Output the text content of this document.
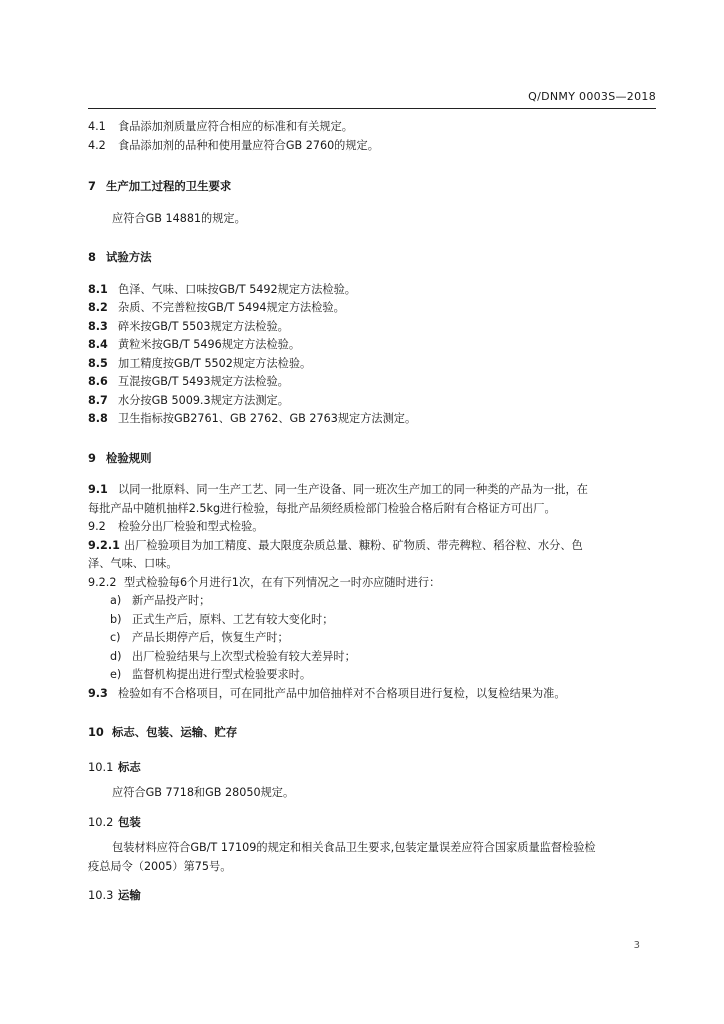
Q/DNMY 0003S—2018
4.1 食品添加剂质量应符合相应的标准和有关规定。
4.2 食品添加剂的品种和使用量应符合GB 2760的规定。
7 生产加工过程的卫生要求
应符合GB 14881的规定。
8 试验方法
8.1 色泽、气味、口味按GB/T 5492规定方法检验。
8.2 杂质、不完善粒按GB/T 5494规定方法检验。
8.3 碎米按GB/T 5503规定方法检验。
8.4 黄粒米按GB/T 5496规定方法检验。
8.5 加工精度按GB/T 5502规定方法检验。
8.6 互混按GB/T 5493规定方法检验。
8.7 水分按GB 5009.3规定方法测定。
8.8 卫生指标按GB2761、GB 2762、GB 2763规定方法测定。
9 检验规则
9.1 以同一批原料、同一生产工艺、同一生产设备、同一班次生产加工的同一种类的产品为一批，在
每批产品中随机抽样2.5kg进行检验，每批产品须经质检部门检验合格后附有合格证方可出厂。
9.2 检验分出厂检验和型式检验。
9.2.1 出厂检验项目为加工精度、最大限度杂质总量、糠粉、矿物质、带壳稗粒、稻谷粒、水分、色
泽、气味、口味。
9.2.2 型式检验每6个月进行1次，在有下列情况之一时亦应随时进行：
a) 新产品投产时；
b) 正式生产后，原料、工艺有较大变化时；
c) 产品长期停产后，恢复生产时；
d) 出厂检验结果与上次型式检验有较大差异时；
e) 监督机构提出进行型式检验要求时。
9.3 检验如有不合格项目，可在同批产品中加倍抽样对不合格项目进行复检，以复检结果为准。
10 标志、包装、运输、贮存
10.1 标志
应符合GB 7718和GB 28050规定。
10.2 包装
包装材料应符合GB/T 17109的规定和相关食品卫生要求,包装定量误差应符合国家质量监督检验检
疫总局令（2005）第75号。
10.3 运输
3
